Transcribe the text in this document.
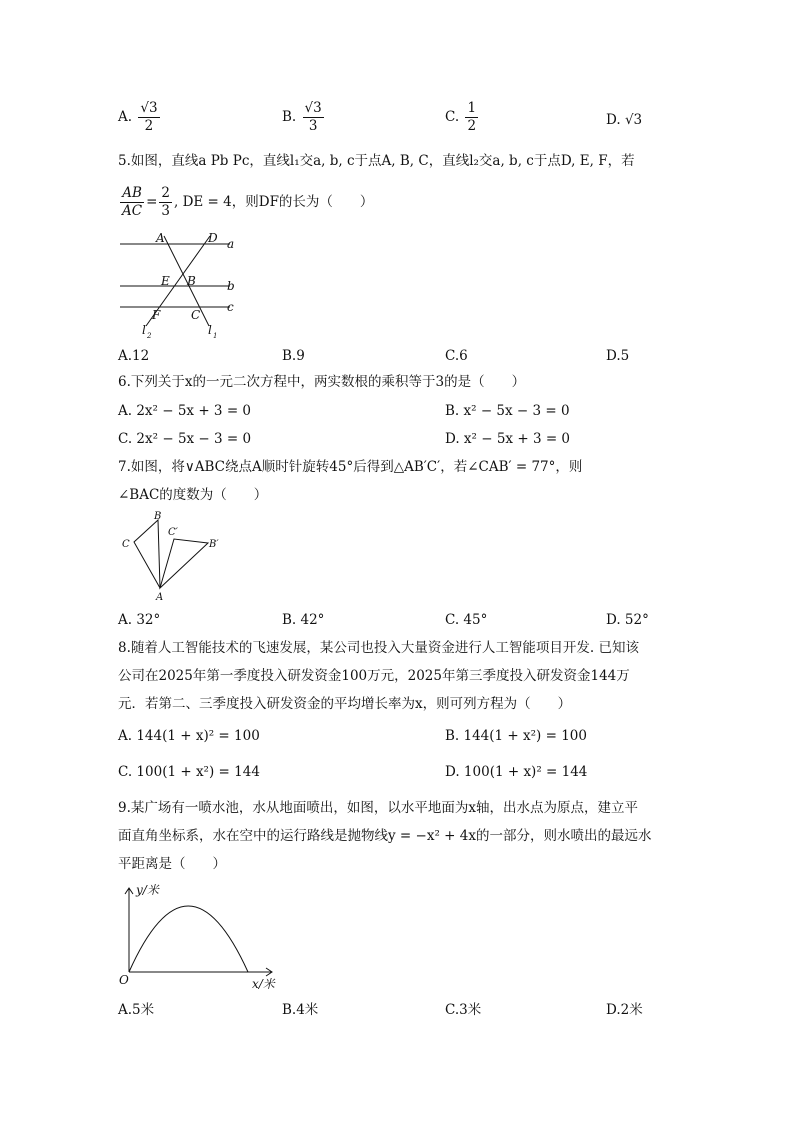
A. $\frac{√3}{2}$	B. $\frac{√3}{3}$	C. $\frac{1}{2}$	D. √3
5.如图，直线a Pb Pc，直线l₁交a, b, c于点A, B, C，直线l₂交a, b, c于点D, E, F，若
$\frac{AB}{AC} = \frac{2}{3}$ , DE = 4，则DF的长为（　　）
A	D a
E B	b
F	C
c
l 2	l 1
A.12	B.9	C.6	D.5
6.下列关于x的一元二次方程中，两实数根的乘积等于3的是（　　）
A. 2x² − 5x + 3 = 0	B. x² − 5x − 3 = 0
C. 2x² − 5x − 3 = 0	D. x² − 5x + 3 = 0
7.如图，将∨ABC绕点A顺时针旋转45°后得到△AB′C′，若∠CAB′ = 77°，则
∠BAC的度数为（　　）
B
C
C′
B′
A
A. 32°	B. 42°	C. 45°	D. 52°
8.随着人工智能技术的飞速发展，某公司也投入大量资金进行人工智能项目开发. 已知该
公司在2025年第一季度投入研发资金100万元，2025年第三季度投入研发资金144万
元．若第二、三季度投入研发资金的平均增长率为x，则可列方程为（　　）
A. 144(1 + x)² = 100	B. 144(1 + x²) = 100
C. 100(1 + x²) = 144	D. 100(1 + x)² = 144
9.某广场有一喷水池，水从地面喷出，如图，以水平地面为x轴，出水点为原点，建立平
面直角坐标系，水在空中的运行路线是抛物线y = −x² + 4x的一部分，则水喷出的最远水
平距离是（　　）
y/米
O	x/米
A.5米	B.4米	C.3米	D.2米
